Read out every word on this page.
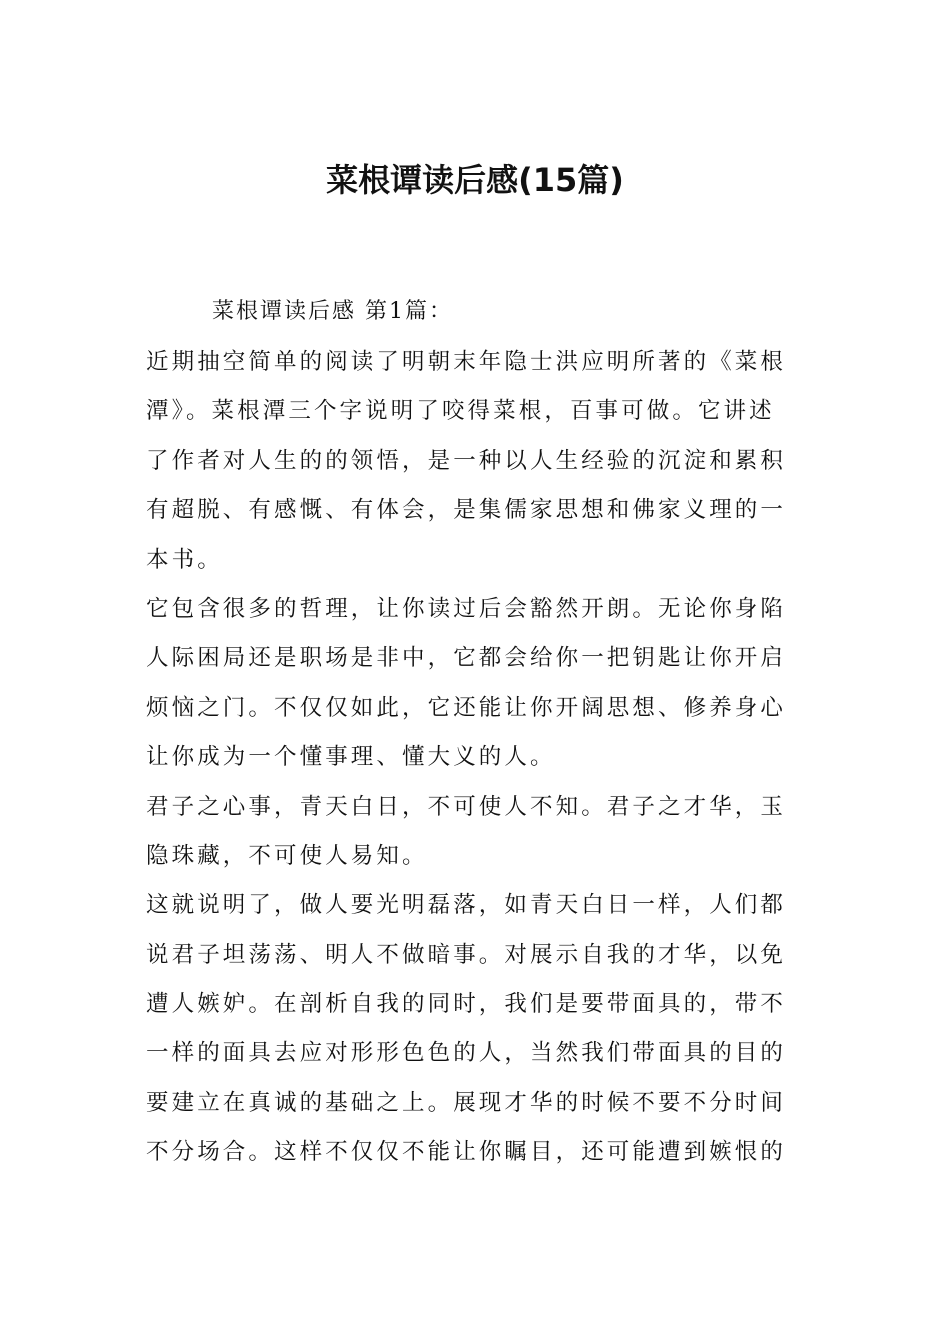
菜根谭读后感(15篇)
菜根谭读后感 第1篇：
近期抽空简单的阅读了明朝末年隐士洪应明所著的《菜根
潭》。菜根潭三个字说明了咬得菜根，百事可做。它讲述
了作者对人生的的领悟，是一种以人生经验的沉淀和累积
有超脱、有感慨、有体会，是集儒家思想和佛家义理的一
本书。
它包含很多的哲理，让你读过后会豁然开朗。无论你身陷
人际困局还是职场是非中，它都会给你一把钥匙让你开启
烦恼之门。不仅仅如此，它还能让你开阔思想、修养身心
让你成为一个懂事理、懂大义的人。
君子之心事，青天白日，不可使人不知。君子之才华，玉
隐珠藏，不可使人易知。
这就说明了，做人要光明磊落，如青天白日一样，人们都
说君子坦荡荡、明人不做暗事。对展示自我的才华，以免
遭人嫉妒。在剖析自我的同时，我们是要带面具的，带不
一样的面具去应对形形色色的人，当然我们带面具的目的
要建立在真诚的基础之上。展现才华的时候不要不分时间
不分场合。这样不仅仅不能让你瞩目，还可能遭到嫉恨的
